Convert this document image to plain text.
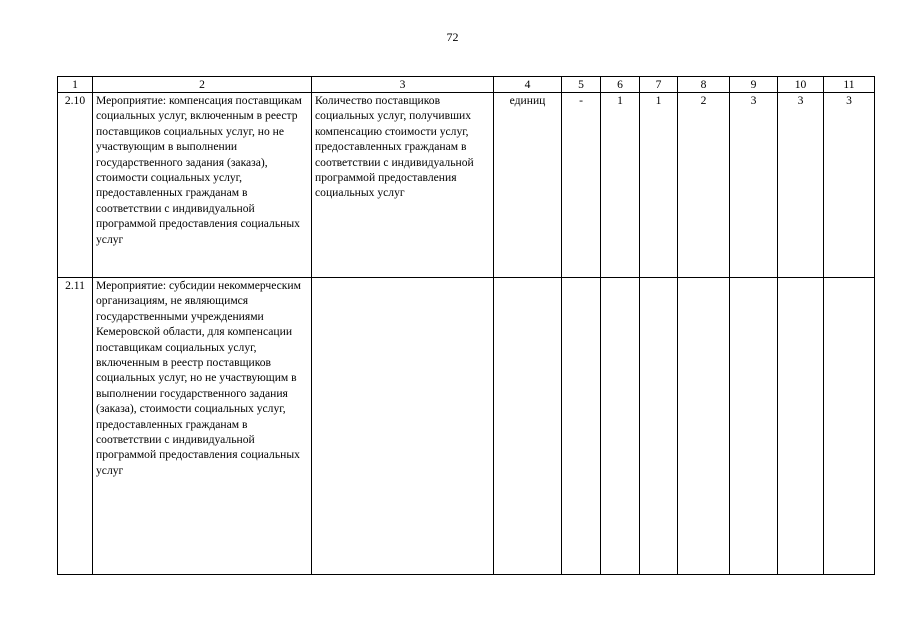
72
1	2	3	4	5	6	7	8	9	10	11
2.10	Мероприятие: компенсация поставщикам социальных услуг, включенным в реестр поставщиков социальных услуг, но не участвующим в выполнении государственного задания (заказа), стоимости социальных услуг, предоставленных гражданам в соответствии с индивидуальной программой предоставления социальных услуг	Количество поставщиков социальных услуг, получивших компенсацию стоимости услуг, предоставленных гражданам в соответствии с индивидуальной программой предоставления социальных услуг	единиц	-	1	1	2	3	3	3
2.11	Мероприятие: субсидии некоммерческим организациям, не являющимся государственными учреждениями Кемеровской области, для компенсации поставщикам социальных услуг, включенным в реестр поставщиков социальных услуг, но не участвующим в выполнении государственного задания (заказа), стоимости социальных услуг, предоставленных гражданам в соответствии с индивидуальной программой предоставления социальных услуг									
